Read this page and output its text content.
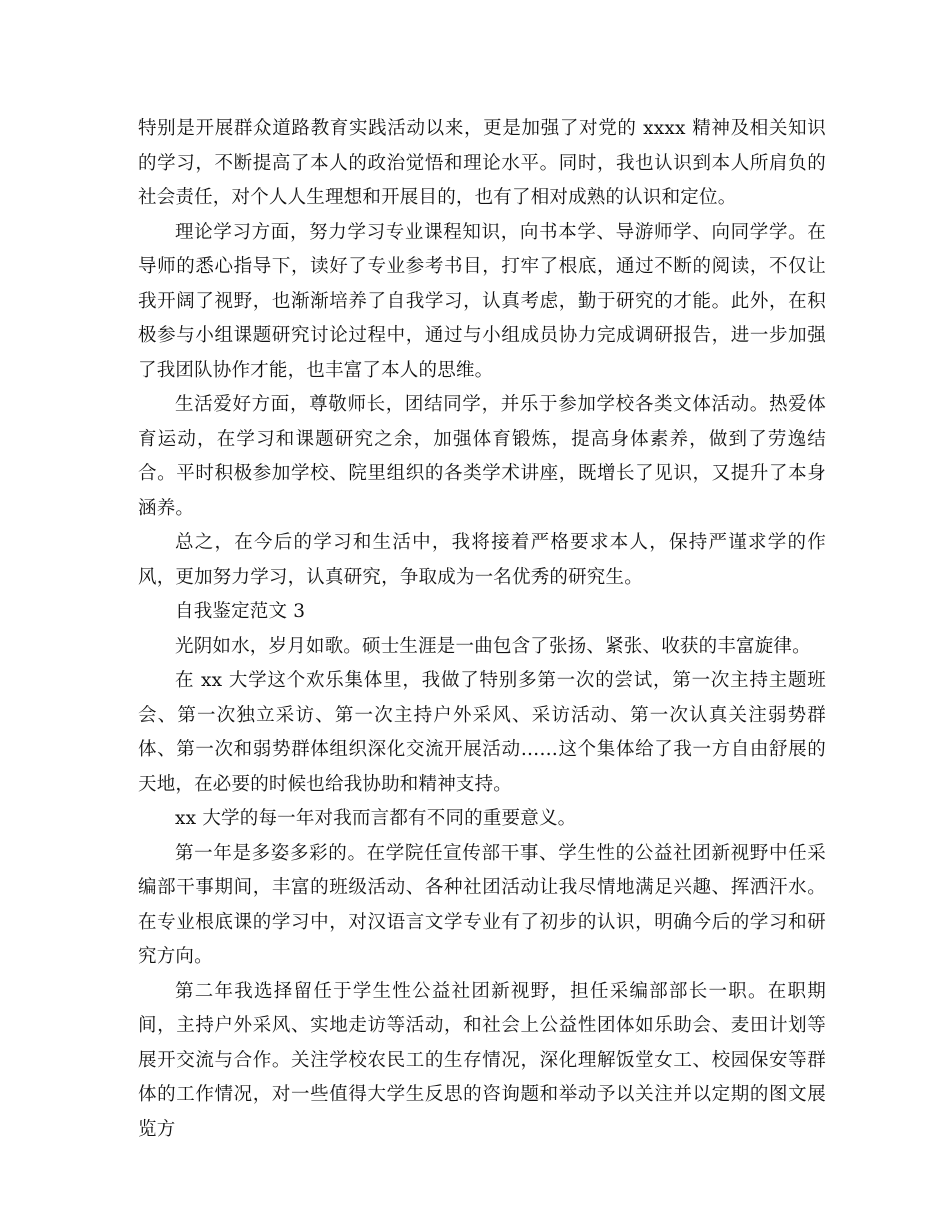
特别是开展群众道路教育实践活动以来，更是加强了对党的 xxxx 精神及相关知识的学习，不断提高了本人的政治觉悟和理论水平。同时，我也认识到本人所肩负的社会责任，对个人人生理想和开展目的，也有了相对成熟的认识和定位。

理论学习方面，努力学习专业课程知识，向书本学、导游师学、向同学学。在导师的悉心指导下，读好了专业参考书目，打牢了根底，通过不断的阅读，不仅让我开阔了视野，也渐渐培养了自我学习，认真考虑，勤于研究的才能。此外，在积极参与小组课题研究讨论过程中，通过与小组成员协力完成调研报告，进一步加强了我团队协作才能，也丰富了本人的思维。

生活爱好方面，尊敬师长，团结同学，并乐于参加学校各类文体活动。热爱体育运动，在学习和课题研究之余，加强体育锻炼，提高身体素养，做到了劳逸结合。平时积极参加学校、院里组织的各类学术讲座，既增长了见识，又提升了本身涵养。

总之，在今后的学习和生活中，我将接着严格要求本人，保持严谨求学的作风，更加努力学习，认真研究，争取成为一名优秀的研究生。

自我鉴定范文 3

光阴如水，岁月如歌。硕士生涯是一曲包含了张扬、紧张、收获的丰富旋律。

在 xx 大学这个欢乐集体里，我做了特别多第一次的尝试，第一次主持主题班会、第一次独立采访、第一次主持户外采风、采访活动、第一次认真关注弱势群体、第一次和弱势群体组织深化交流开展活动……这个集体给了我一方自由舒展的天地，在必要的时候也给我协助和精神支持。

xx 大学的每一年对我而言都有不同的重要意义。

第一年是多姿多彩的。在学院任宣传部干事、学生性的公益社团新视野中任采编部干事期间，丰富的班级活动、各种社团活动让我尽情地满足兴趣、挥洒汗水。在专业根底课的学习中，对汉语言文学专业有了初步的认识，明确今后的学习和研究方向。

第二年我选择留任于学生性公益社团新视野，担任采编部部长一职。在职期间，主持户外采风、实地走访等活动，和社会上公益性团体如乐助会、麦田计划等展开交流与合作。关注学校农民工的生存情况，深化理解饭堂女工、校园保安等群体的工作情况，对一些值得大学生反思的咨询题和举动予以关注并以定期的图文展览方
